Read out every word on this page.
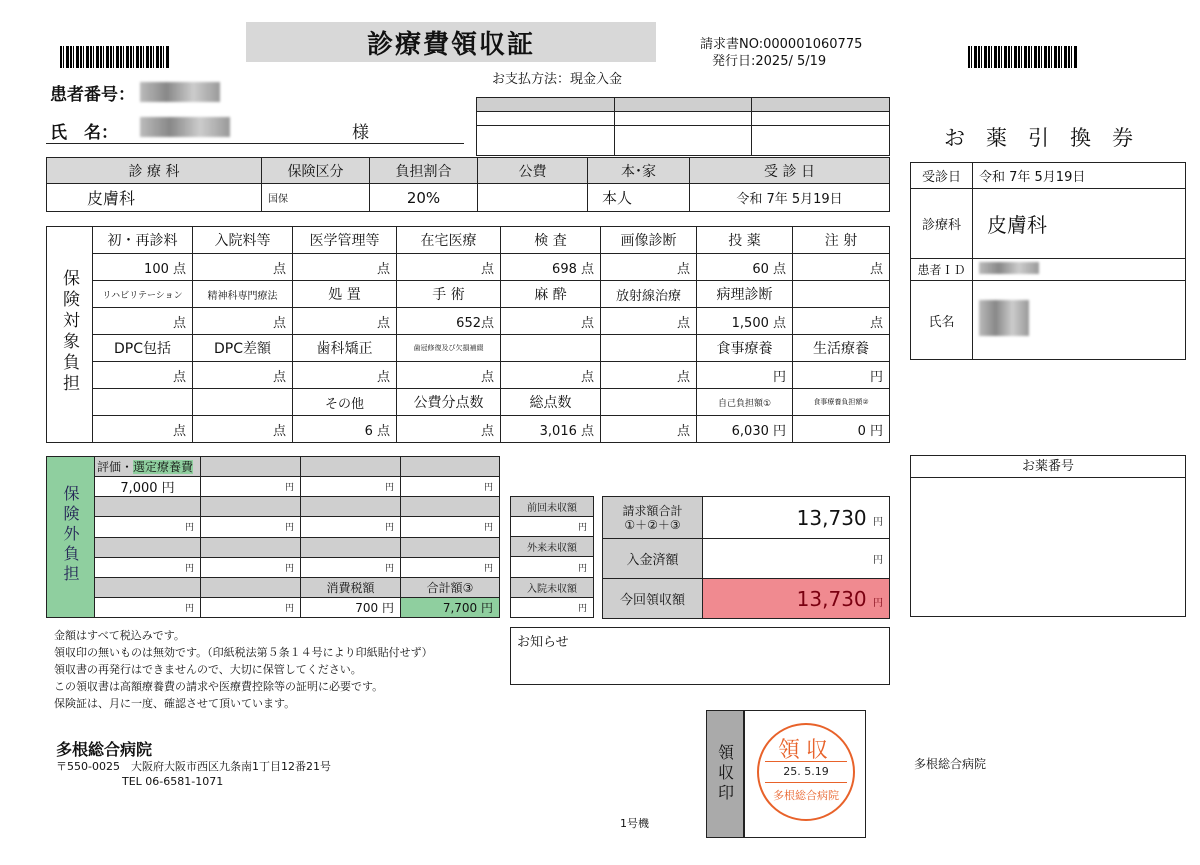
診療費領収証	請求書NO:000001060775
発行日:2025/ 5/19
お支払方法：現金入金
患者番号：
氏　名：	様

診 療 科	保険区分	負担割合	公費	本･家	受 診 日
皮膚科	国保	20%		本人	令和 7年 5月19日
保険対象負担	初・再診料	入院料等	医学管理等	在宅医療	検 査	画像診断	投 薬	注 射
	100 点	点	点	点	698 点	点	60 点	点
	リハビリテーション	精神科専門療法	処 置	手 術	麻 酔	放射線治療	病理診断	
	点	点	点	652点	点	点	1,500 点	点
	DPC包括	DPC差額	歯科矯正	歯冠修復及び欠損補綴			食事療養	生活療養
	点	点	点	点	点	点	円	円
			その他	公費分点数	総点数		自己負担額①	食事療養負担額②
	点	点	6 点	点	3,016 点	点	6,030 円	0 円
保険外負担	評価・選定療養費			
	7,000 円	円	円	円

	円	円	円	円

	円	円	円	円
			消費税額	合計額③
	円	円	700 円	7,700 円
前回未収額
円
外来未収額
円
入院未収額
円
請求額合計
①＋②＋③	13,730 円
入金済額	円
今回領収額	13,730 円
金額はすべて税込みです。
領収印の無いものは無効です。（印紙税法第５条１４号により印紙貼付せず）
領収書の再発行はできませんので、大切に保管してください。
この領収書は高額療養費の請求や医療費控除等の証明に必要です。
保険証は、月に一度、確認させて頂いています。
お知らせ
多根総合病院
〒550-0025　大阪府大阪市西区九条南1丁目12番21号
TEL 06-6581-1071
1号機
領収印	領収
25. 5.19
多根総合病院
お　薬　引　換　券
受診日	令和 7年 5月19日
診療科	皮膚科
患者ＩＤ	
氏名	
お薬番号
多根総合病院
